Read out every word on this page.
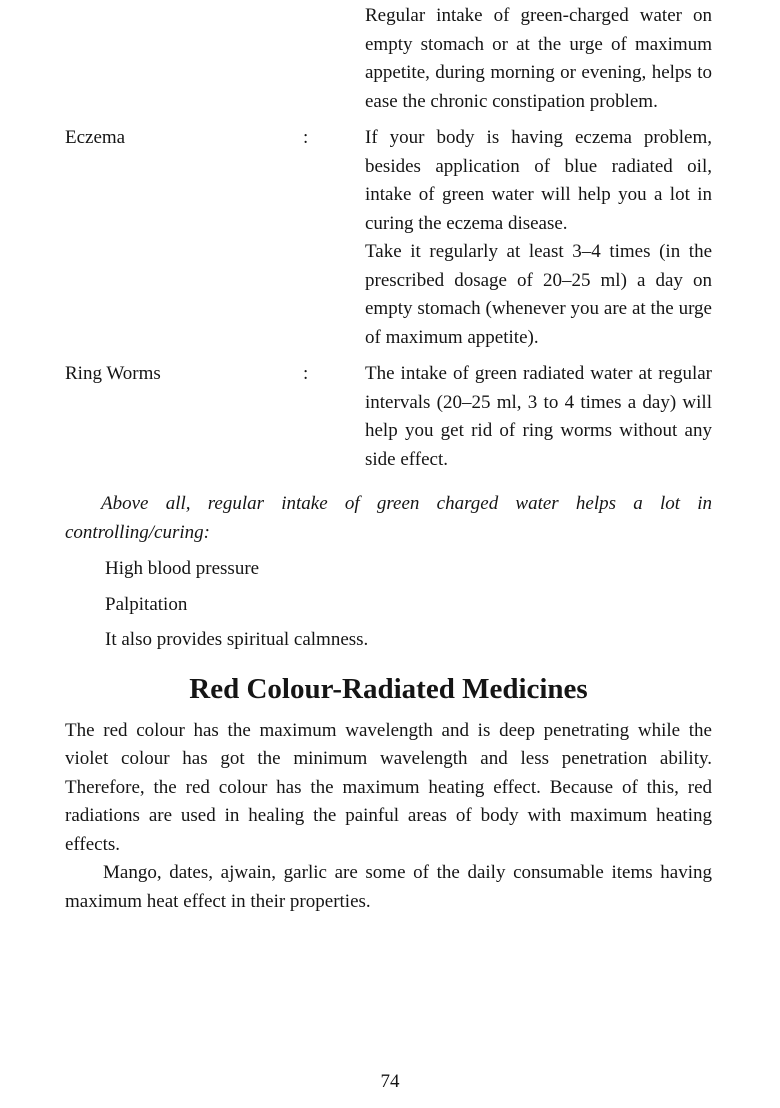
Regular intake of green-charged water on empty stomach or at the urge of maximum appetite, during morning or evening, helps to ease the chronic constipation problem.

Eczema	:	If your body is having eczema problem, besides application of blue radiated oil, intake of green water will help you a lot in curing the eczema disease.

Take it regularly at least 3–4 times (in the prescribed dosage of 20–25 ml) a day on empty stomach (whenever you are at the urge of maximum appetite).

Ring Worms	:	The intake of green radiated water at regular intervals (20–25 ml, 3 to 4 times a day) will help you get rid of ring worms without any side effect.

Above all, regular intake of green charged water helps a lot in controlling/curing:

High blood pressure

Palpitation

It also provides spiritual calmness.

Red Colour-Radiated Medicines

The red colour has the maximum wavelength and is deep penetrating while the violet colour has got the minimum wavelength and less penetration ability. Therefore, the red colour has the maximum heating effect. Because of this, red radiations are used in healing the painful areas of body with maximum heating effects.

Mango, dates, ajwain, garlic are some of the daily consumable items having maximum heat effect in their properties.

74
